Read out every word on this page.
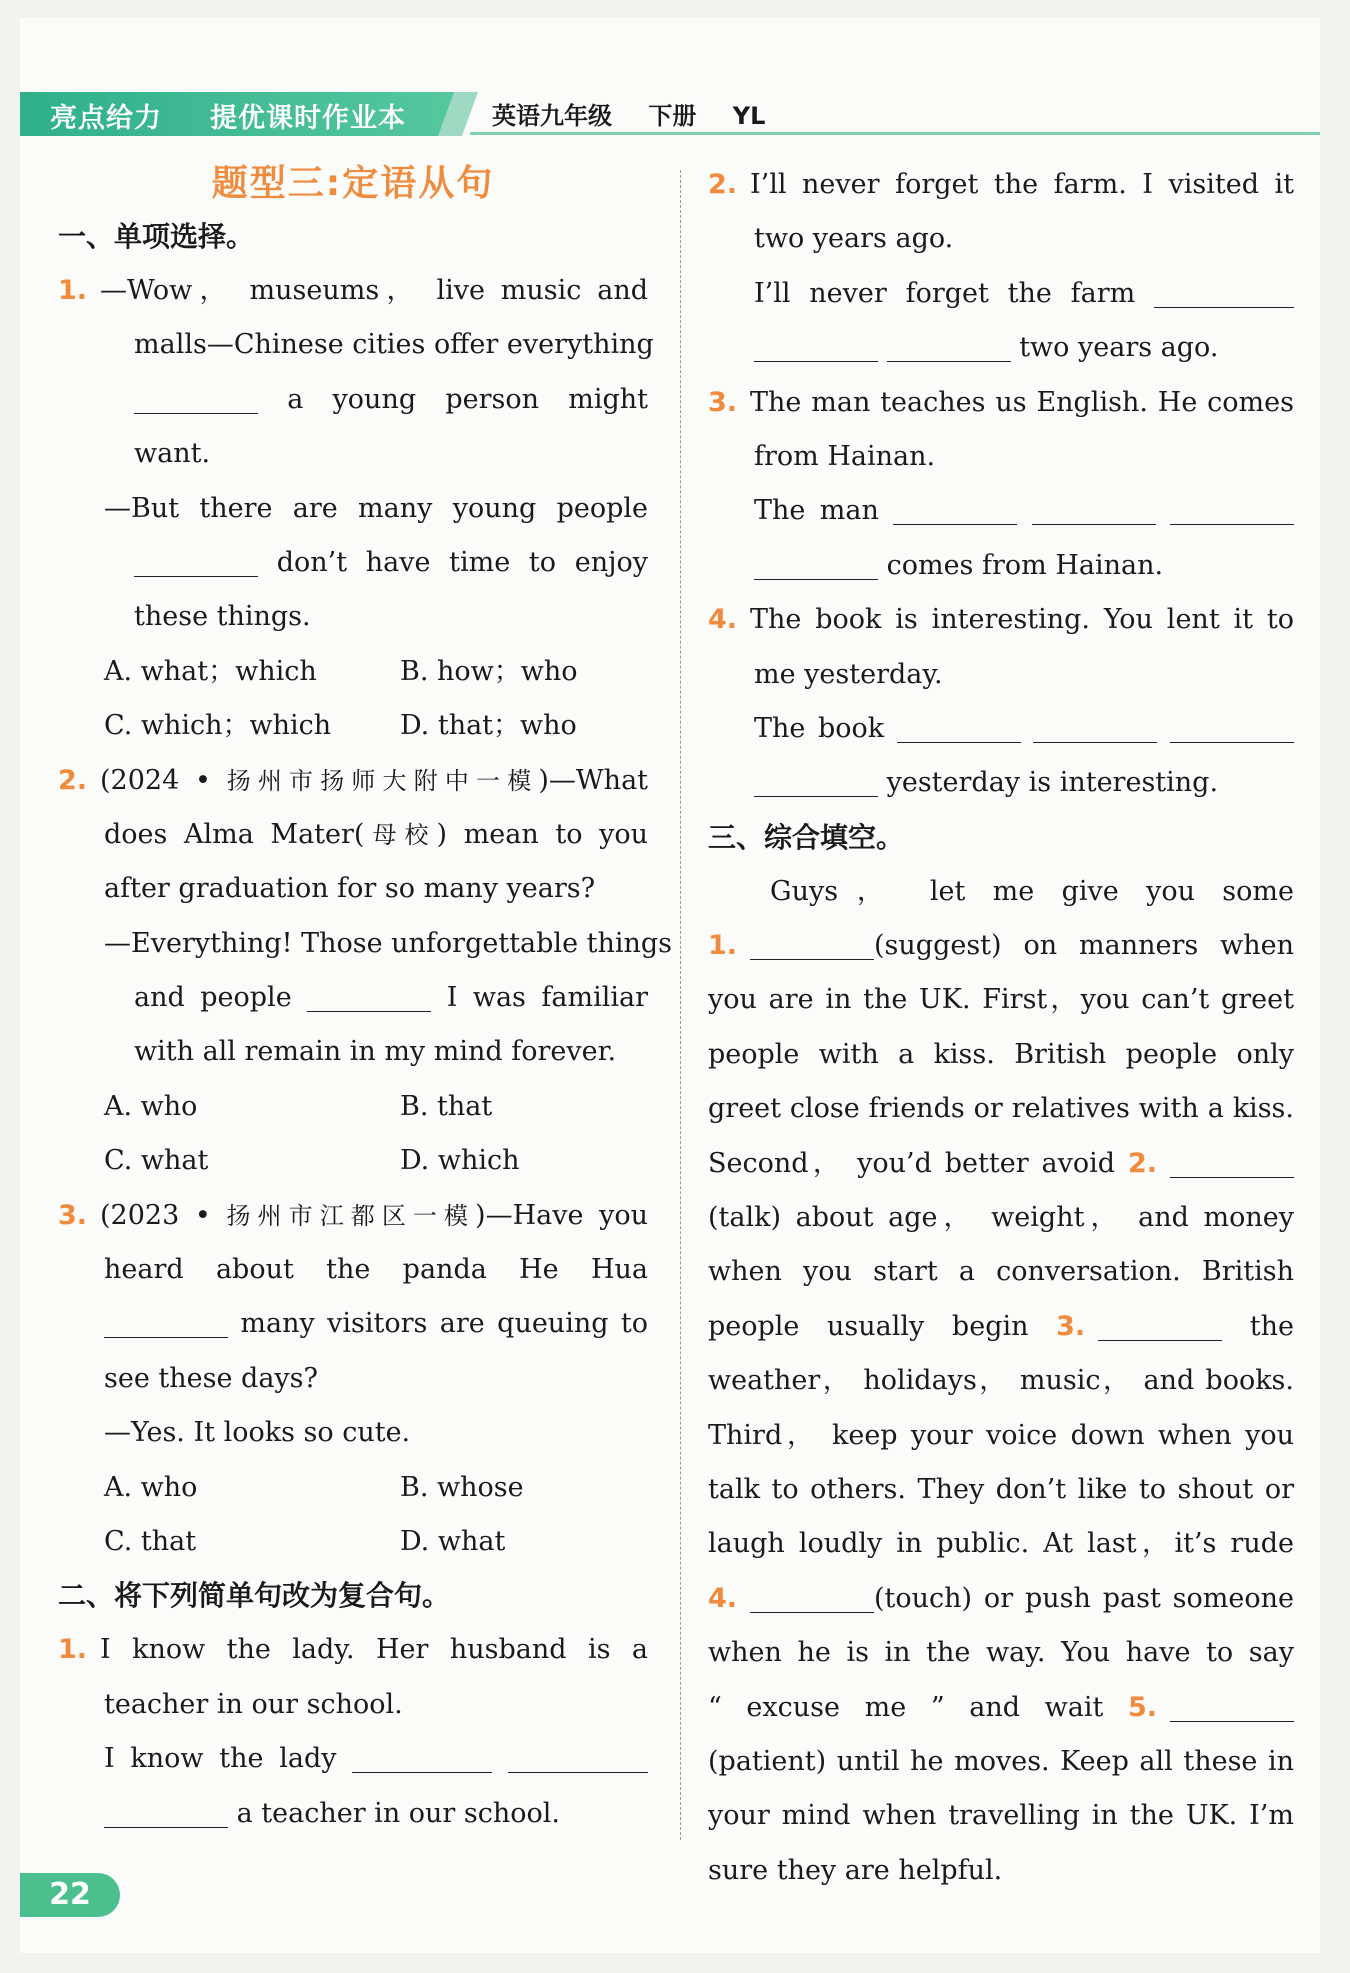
亮点给力 提优课时作业本	英语九年级 下册 YL
题型三:定语从句
一、单项选择。
1. —Wow， museums， live music and
malls—Chinese cities offer everything
a young person might
want.
—But there are many young people
don’t have time to enjoy
these things.
A. what；which	B. how；who
C. which；which	D. that；who
2. (2024 • 扬州市扬师大附中一模)—What
does Alma Mater(母校) mean to you
after graduation for so many years?
—Everything! Those unforgettable things
and people	I was familiar
with all remain in my mind forever.
A. who	B. that
C. what	D. which
3. (2023 • 扬州市江都区一模)—Have you
heard about the panda He Hua
many visitors are queuing to
see these days?
—Yes. It looks so cute.
A. who	B. whose
C. that	D. what
二、将下列简单句改为复合句。
1. I know the lady. Her husband is a
teacher in our school.
I know the lady
a teacher in our school.
2. I’ll never forget the farm. I visited it
two years ago.
I’ll never forget the farm
two years ago.
3. The man teaches us English. He comes
from Hainan.
The man
comes from Hainan.
4. The book is interesting. You lent it to
me yesterday.
The book
yesterday is interesting.
三、综合填空。
Guys， let me give you some
1.	(suggest) on manners when
you are in the UK. First，you can’t greet
people with a kiss. British people only
greet close friends or relatives with a kiss.
Second， you’d better avoid 2.
(talk) about age， weight， and money
when you start a conversation. British
people usually begin 3.	the
weather， holidays， music， and books.
Third， keep your voice down when you
talk to others. They don’t like to shout or
laugh loudly in public. At last，it’s rude
4.	(touch) or push past someone
when he is in the way. You have to say
“ excuse me ” and wait 5.
(patient) until he moves. Keep all these in
your mind when travelling in the UK. I’m
sure they are helpful.
22
